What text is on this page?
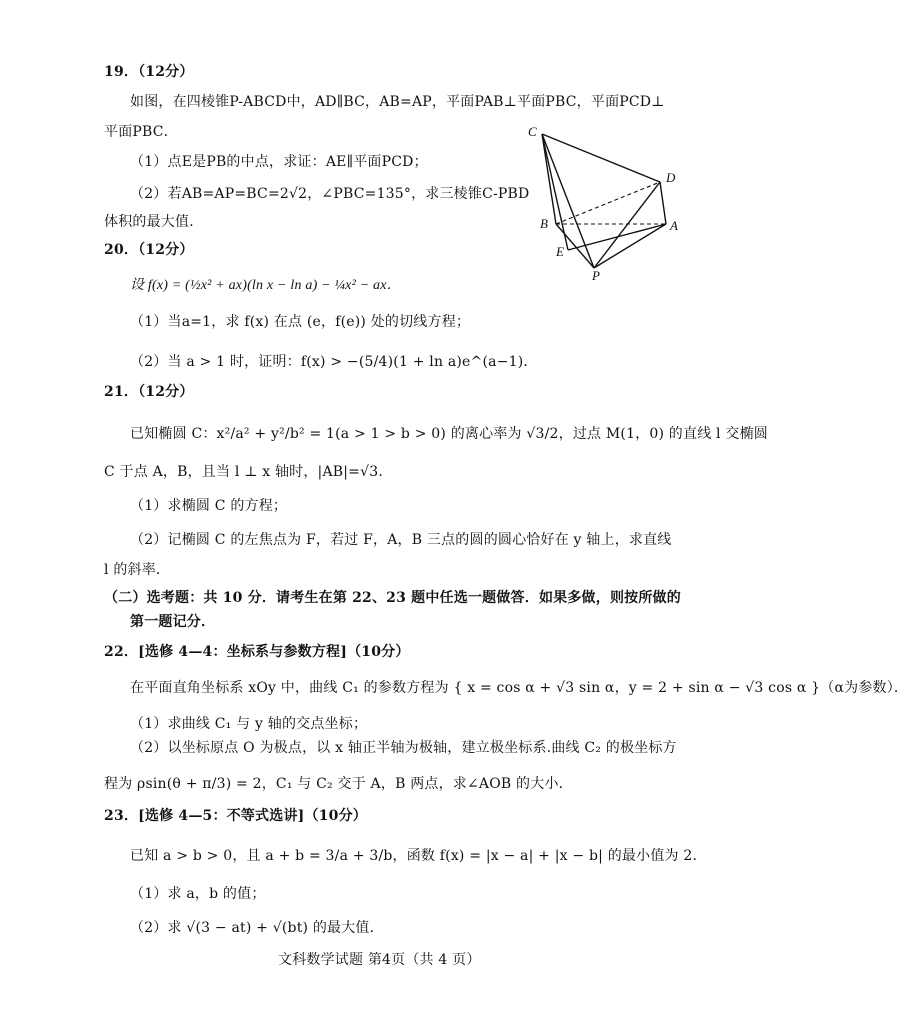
19．（12分）
如图，在四棱锥P-ABCD中，AD∥BC，AB=AP，平面PAB⊥平面PBC，平面PCD⊥
平面PBC．
（1）点E是PB的中点，求证：AE∥平面PCD；
（2）若AB=AP=BC=2√2，∠PBC=135°，求三棱锥C-PBD
体积的最大值．
C
D
B	A
E
P
20．（12分）
设 f(x) = (½x² + ax)(ln x − ln a) − ¼x² − ax．
（1）当a=1，求 f(x) 在点 (e，f(e)) 处的切线方程；
（2）当 a > 1 时，证明：f(x) > −(5/4)(1 + ln a)e^(a−1)．
21．（12分）
已知椭圆 C：x²/a² + y²/b² = 1(a > 1 > b > 0) 的离心率为 √3/2，过点 M(1，0) 的直线 l 交椭圆
C 于点 A，B，且当 l ⊥ x 轴时，|AB|=√3．
（1）求椭圆 C 的方程；
（2）记椭圆 C 的左焦点为 F，若过 F，A，B 三点的圆的圆心恰好在 y 轴上，求直线
l 的斜率．
（二）选考题：共 10 分．请考生在第 22、23 题中任选一题做答．如果多做，则按所做的
第一题记分．
22．[选修 4—4：坐标系与参数方程]（10分）
在平面直角坐标系 xOy 中，曲线 C₁ 的参数方程为 { x = cos α + √3 sin α，y = 2 + sin α − √3 cos α }（α为参数）．
（1）求曲线 C₁ 与 y 轴的交点坐标；
（2）以坐标原点 O 为极点，以 x 轴正半轴为极轴，建立极坐标系.曲线 C₂ 的极坐标方
程为 ρsin(θ + π/3) = 2，C₁ 与 C₂ 交于 A，B 两点，求∠AOB 的大小．
23．[选修 4—5：不等式选讲]（10分）
已知 a > b > 0，且 a + b = 3/a + 3/b，函数 f(x) = |x − a| + |x − b| 的最小值为 2.
（1）求 a，b 的值；
（2）求 √(3 − at) + √(bt) 的最大值．
文科数学试题 第4页（共 4 页）
